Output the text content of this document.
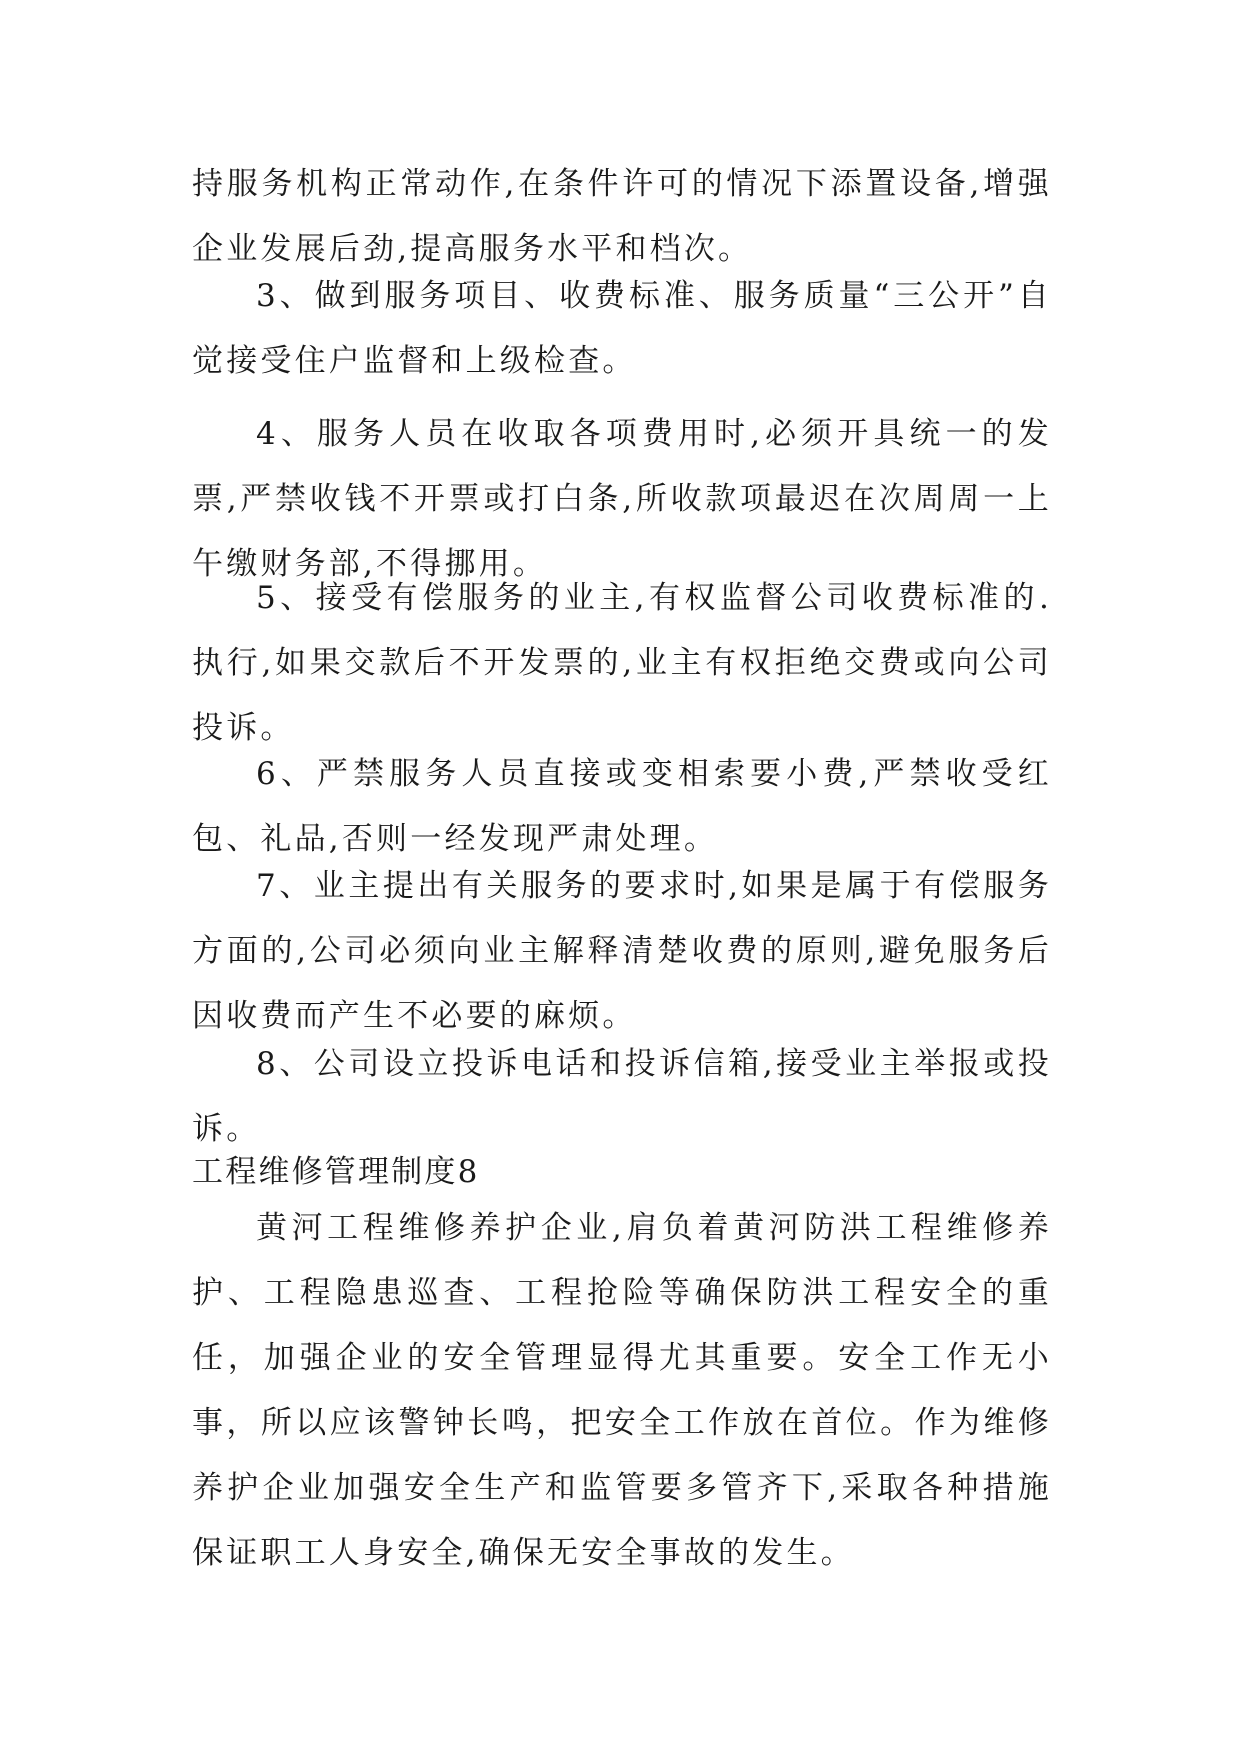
持服务机构正常动作,在条件许可的情况下添置设备,增强企业发展后劲,提高服务水平和档次。

3、做到服务项目、收费标准、服务质量“三公开”自觉接受住户监督和上级检查。

4、服务人员在收取各项费用时,必须开具统一的发票,严禁收钱不开票或打白条,所收款项最迟在次周周一上午缴财务部,不得挪用。

5、接受有偿服务的业主,有权监督公司收费标准的.执行,如果交款后不开发票的,业主有权拒绝交费或向公司投诉。

6、严禁服务人员直接或变相索要小费,严禁收受红包、礼品,否则一经发现严肃处理。

7、业主提出有关服务的要求时,如果是属于有偿服务方面的,公司必须向业主解释清楚收费的原则,避免服务后因收费而产生不必要的麻烦。

8、公司设立投诉电话和投诉信箱,接受业主举报或投诉。

工程维修管理制度8

黄河工程维修养护企业,肩负着黄河防洪工程维修养护、工程隐患巡查、工程抢险等确保防洪工程安全的重任，加强企业的安全管理显得尤其重要。安全工作无小事，所以应该警钟长鸣，把安全工作放在首位。作为维修养护企业加强安全生产和监管要多管齐下,采取各种措施保证职工人身安全,确保无安全事故的发生。
